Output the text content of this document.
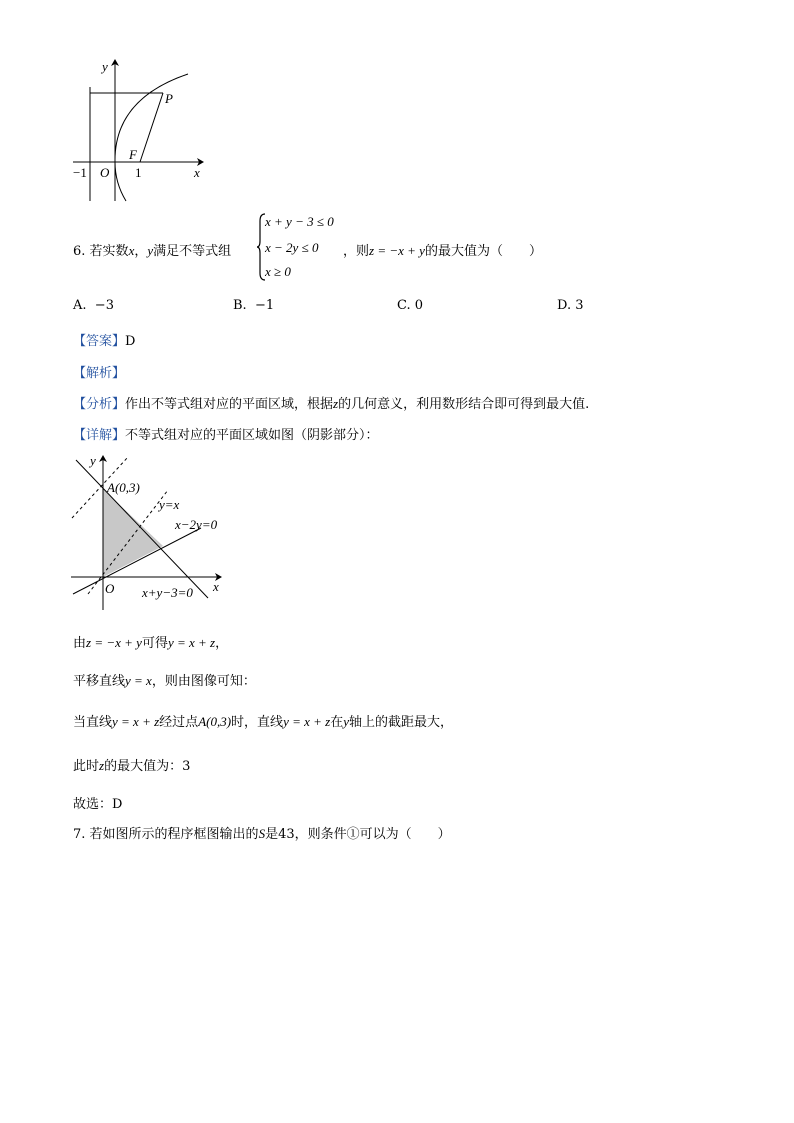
y
P
F
−1 O 1	x
6. 若实数x，y满足不等式组
x + y − 3 ≤ 0
x − 2y ≤ 0
x ≥ 0
，则z = −x + y的最大值为（　　）
A. −3	B. −1	C. 0	D. 3
【答案】D
【解析】
【分析】作出不等式组对应的平面区域，根据z的几何意义，利用数形结合即可得到最大值.
【详解】不等式组对应的平面区域如图（阴影部分）：
y
A(0,3)
y=x
x−2y=0
O x+y−3=0 x
由z = −x + y可得y = x + z，
平移直线y = x，则由图像可知：
当直线y = x + z经过点A(0,3)时，直线y = x + z在y轴上的截距最大，
此时z的最大值为：3
故选：D
7. 若如图所示的程序框图输出的S是43，则条件①可以为（　　）
